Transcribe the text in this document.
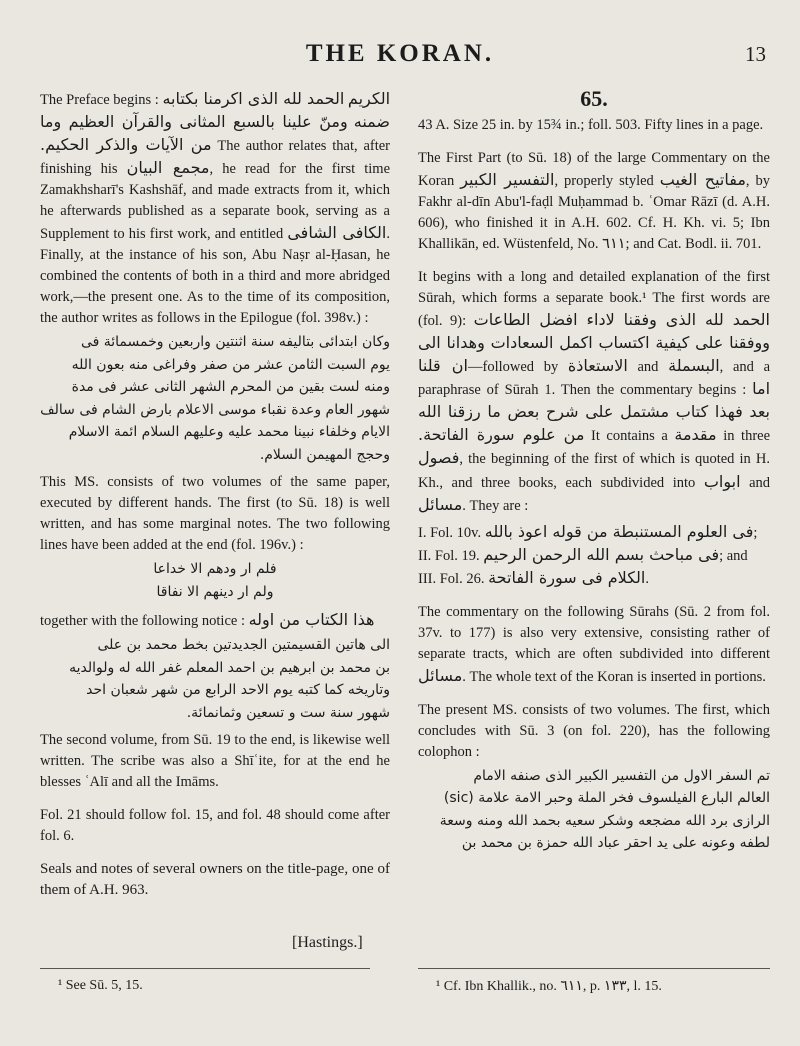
THE KORAN.	13

The Preface begins : الحمد لله الذى اكرمنا بكتابه الكريم ومنّ علينا بالسبع المثانى والقرآن العظيم وما ضمنه من الآيات والذكر الحكيم. The author relates that, after finishing his مجمع البيان, he read for the first time Zamakhsharī's Kashshāf, and made extracts from it, which he afterwards published as a separate book, serving as a Supplement to his first work, and entitled الكافى الشافى. Finally, at the instance of his son, Abu Naṣr al-Ḥasan, he combined the contents of both in a third and more abridged work,—the present one. As to the time of its composition, the author writes as follows in the Epilogue (fol. 398v.) :

وكان ابتدائى بتاليفه سنة اثنتين واربعين وخمسمائة فى
يوم السبت الثامن عشر من صفر وفراغى منه بعون الله
ومنه لست بقين من المحرم الشهر الثانى عشر فى مدة
شهور العام وعدة نقباء موسى الاعلام بارض الشام فى سالف
الايام وخلفاء نبينا محمد عليه وعليهم السلام ائمة الاسلام
وحجج المهيمن السلام.

This MS. consists of two volumes of the same paper, executed by different hands. The first (to Sū. 18) is well written, and has some marginal notes. The two following lines have been added at the end (fol. 196v.) :

فلم ار ودهم الا خداعا
ولم ار دينهم الا نفاقا

together with the following notice : هذا الكتاب من اوله

الى هاتين القسيمتين الجديدتين بخط محمد بن على
بن محمد بن ابرهيم بن احمد المعلم غفر الله له ولوالديه
وتاريخه كما كتبه يوم الاحد الرابع من شهر شعبان احد
شهور سنة ست و تسعين وثمانمائة.

The second volume, from Sū. 19 to the end, is likewise well written. The scribe was also a Shīʿite, for at the end he blesses ʿAlī and all the Imāms.

Fol. 21 should follow fol. 15, and fol. 48 should come after fol. 6.

Seals and notes of several owners on the title-page, one of them of A.H. 963.

[Hastings.]
¹ See Sū. 5, 15.
65.

43 A. Size 25 in. by 15¾ in.; foll. 503. Fifty lines in a page.

The First Part (to Sū. 18) of the large Commentary on the Koran التفسير الكبير, properly styled مفاتيح الغيب, by Fakhr al-dīn Abu'l-faḍl Muḥammad b. ʿOmar Rāzī (d. A.H. 606), who finished it in A.H. 602. Cf. H. Kh. vi. 5; Ibn Khallikān, ed. Wüstenfeld, No. ٦١١; and Cat. Bodl. ii. 701.

It begins with a long and detailed explanation of the first Sūrah, which forms a separate book.¹ The first words are (fol. 9): الحمد لله الذى وفقنا لاداء افضل الطاعات ووفقنا على كيفية اكتساب اكمل السعادات وهدانا الى ان قلنا—followed by الاستعاذة and البسملة, and a paraphrase of Sūrah 1. Then the commentary begins : اما بعد فهذا كتاب مشتمل على شرح بعض ما رزقنا الله من علوم سورة الفاتحة. It contains a مقدمة in three فصول, the beginning of the first of which is quoted in H. Kh., and three books, each subdivided into ابواب and مسائل. They are :

I. Fol. 10v. فى العلوم المستنبطة من قوله اعوذ بالله;
II. Fol. 19. فى مباحث بسم الله الرحمن الرحيم; and
III. Fol. 26. الكلام فى سورة الفاتحة.

The commentary on the following Sūrahs (Sū. 2 from fol. 37v. to 177) is also very extensive, consisting rather of separate tracts, which are often subdivided into different مسائل. The whole text of the Koran is inserted in portions.

The present MS. consists of two volumes. The first, which concludes with Sū. 3 (on fol. 220), has the following colophon :

تم السفر الاول من التفسير الكبير الذى صنفه الامام
العالم البارع الفيلسوف فخر الملة وحبر الامة علامة (sic)
الرازى برد الله مضجعه وشكر سعيه بحمد الله ومنه وسعة
لطفه وعونه على يد احقر عباد الله حمزة بن محمد بن
¹ Cf. Ibn Khallik., no. ٦١١, p. ١٣٣, l. 15.
